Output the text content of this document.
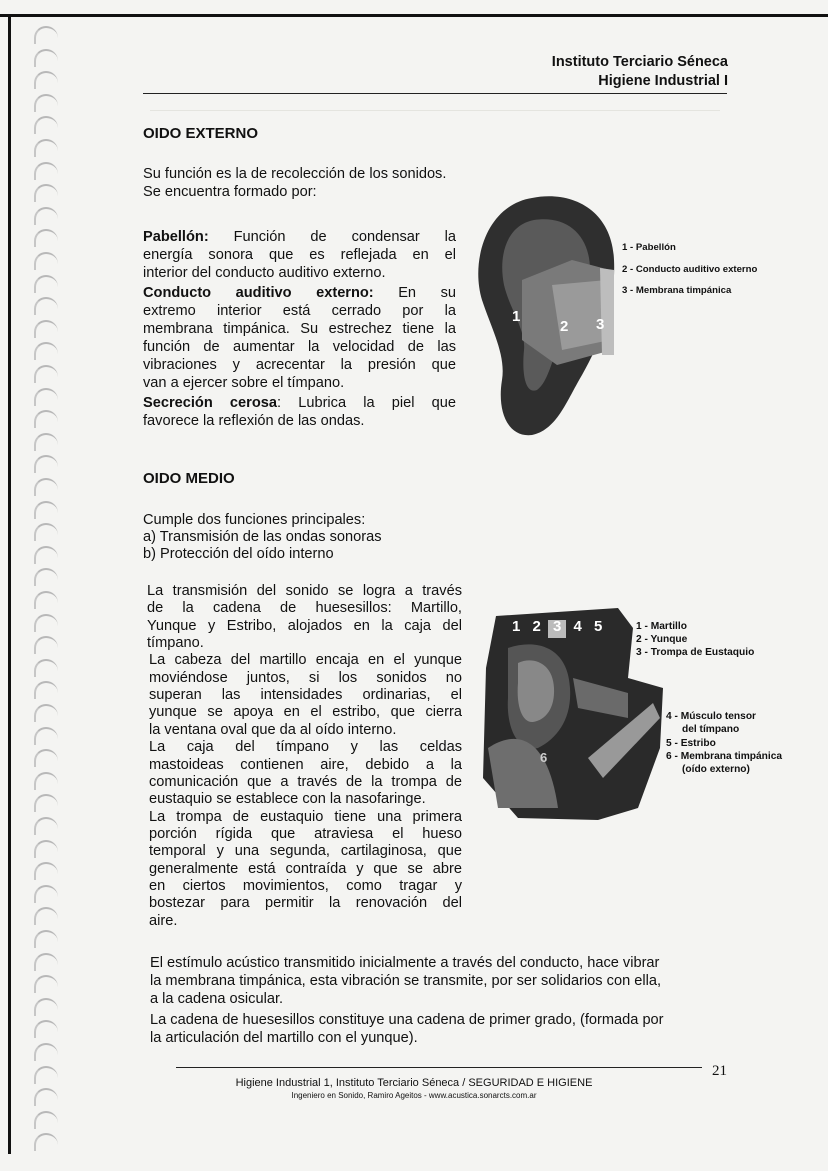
Instituto Terciario Séneca
Higiene Industrial I
OIDO EXTERNO
Su función es la de recolección de los sonidos.
Se encuentra formado por:
Pabellón: Función de condensar la
energía sonora que es reflejada en el
interior del conducto auditivo externo.
Conducto auditivo externo: En su
extremo interior está cerrado por la
membrana timpánica. Su estrechez tiene la
función de aumentar la velocidad de las
vibraciones y acrecentar la presión que
van a ejercer sobre el tímpano.
Secreción cerosa: Lubrica la piel que
favorece la reflexión de las ondas.
1
2 3
1 - Pabellón
2 - Conducto auditivo externo
3 - Membrana timpánica
OIDO MEDIO
Cumple dos funciones principales:
a) Transmisión de las ondas sonoras
b) Protección del oído interno
La transmisión del sonido se logra a través
de la cadena de huesesillos: Martillo,
Yunque y Estribo, alojados en la caja del
tímpano.
La cabeza del martillo encaja en el yunque
moviéndose juntos, si los sonidos no
superan las intensidades ordinarias, el
yunque se apoya en el estribo, que cierra
la ventana oval que da al oído interno.
La caja del tímpano y las celdas
mastoideas contienen aire, debido a la
comunicación que a través de la trompa de
eustaquio se establece con la nasofaringe.
La trompa de eustaquio tiene una primera
porción rígida que atraviesa el hueso
temporal y una segunda, cartilaginosa, que
generalmente está contraída y que se abre
en ciertos movimientos, como tragar y
bostezar para permitir la renovación del
aire.
El estímulo acústico transmitido inicialmente a través del conducto, hace vibrar
la membrana timpánica, esta vibración se transmite, por ser solidarios con ella,
a la cadena osicular.
La cadena de huesesillos constituye una cadena de primer grado, (formada por
la articulación del martillo con el yunque).
1 2 3 4 5
6
1 - Martillo
2 - Yunque
3 - Trompa de Eustaquio
4 - Músculo tensor
del tímpano
5 - Estribo
6 - Membrana timpánica
(oído externo)
21
Higiene Industrial 1, Instituto Terciario Séneca / SEGURIDAD E HIGIENE
Ingeniero en Sonido, Ramiro Ageitos - www.acustica.sonarcts.com.ar
